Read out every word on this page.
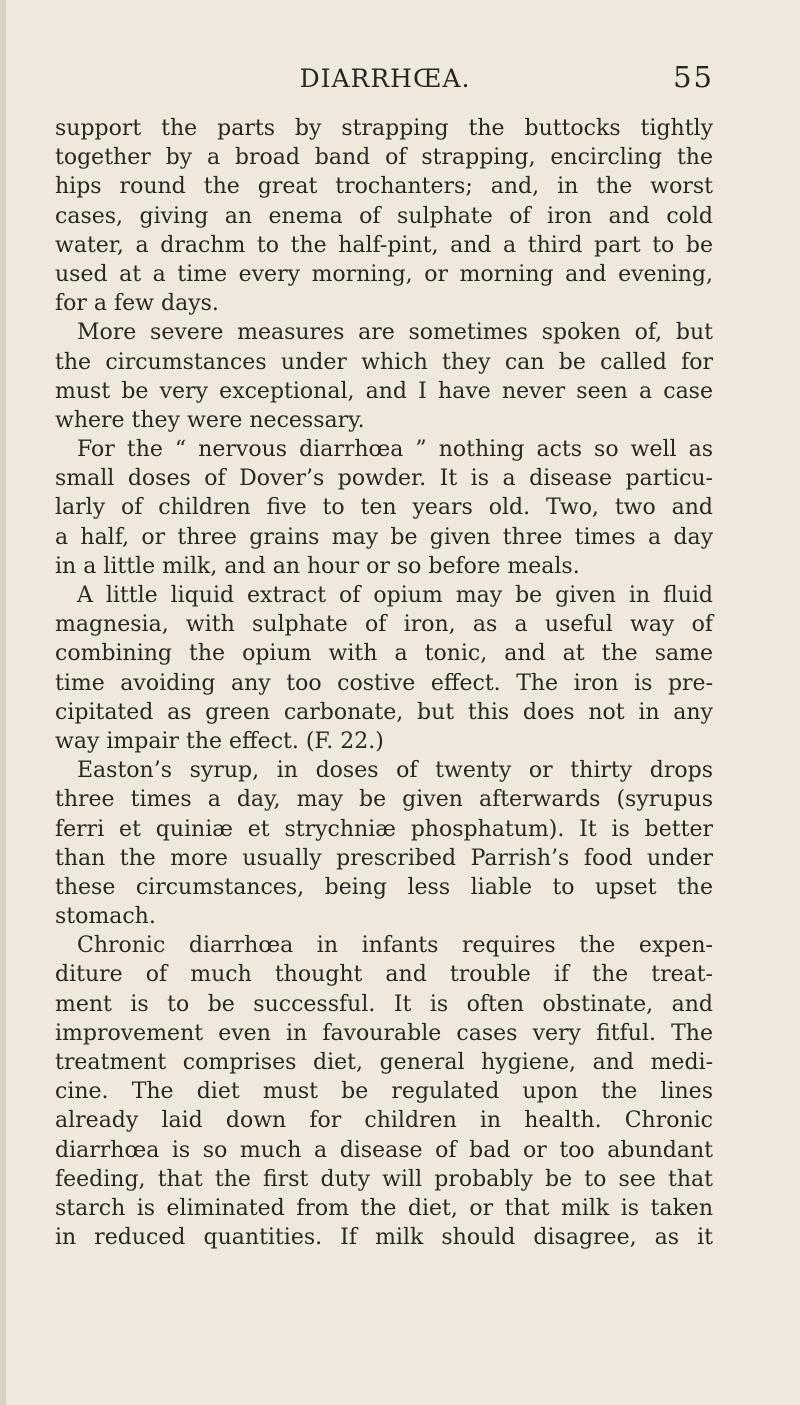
DIARRHŒA.	55
support the parts by strapping the buttocks tightly
together by a broad band of strapping, encircling the
hips round the great trochanters; and, in the worst
cases, giving an enema of sulphate of iron and cold
water, a drachm to the half-pint, and a third part to be
used at a time every morning, or morning and evening,
for a few days.
More severe measures are sometimes spoken of, but
the circumstances under which they can be called for
must be very exceptional, and I have never seen a case
where they were necessary.
For the “ nervous diarrhœa ” nothing acts so well as
small doses of Dover’s powder. It is a disease particu-
larly of children five to ten years old. Two, two and
a half, or three grains may be given three times a day
in a little milk, and an hour or so before meals.
A little liquid extract of opium may be given in fluid
magnesia, with sulphate of iron, as a useful way of
combining the opium with a tonic, and at the same
time avoiding any too costive effect. The iron is pre-
cipitated as green carbonate, but this does not in any
way impair the effect. (F. 22.)
Easton’s syrup, in doses of twenty or thirty drops
three times a day, may be given afterwards (syrupus
ferri et quiniæ et strychniæ phosphatum). It is better
than the more usually prescribed Parrish’s food under
these circumstances, being less liable to upset the
stomach.
Chronic diarrhœa in infants requires the expen-
diture of much thought and trouble if the treat-
ment is to be successful. It is often obstinate, and
improvement even in favourable cases very fitful. The
treatment comprises diet, general hygiene, and medi-
cine. The diet must be regulated upon the lines
already laid down for children in health. Chronic
diarrhœa is so much a disease of bad or too abundant
feeding, that the first duty will probably be to see that
starch is eliminated from the diet, or that milk is taken
in reduced quantities. If milk should disagree, as it
